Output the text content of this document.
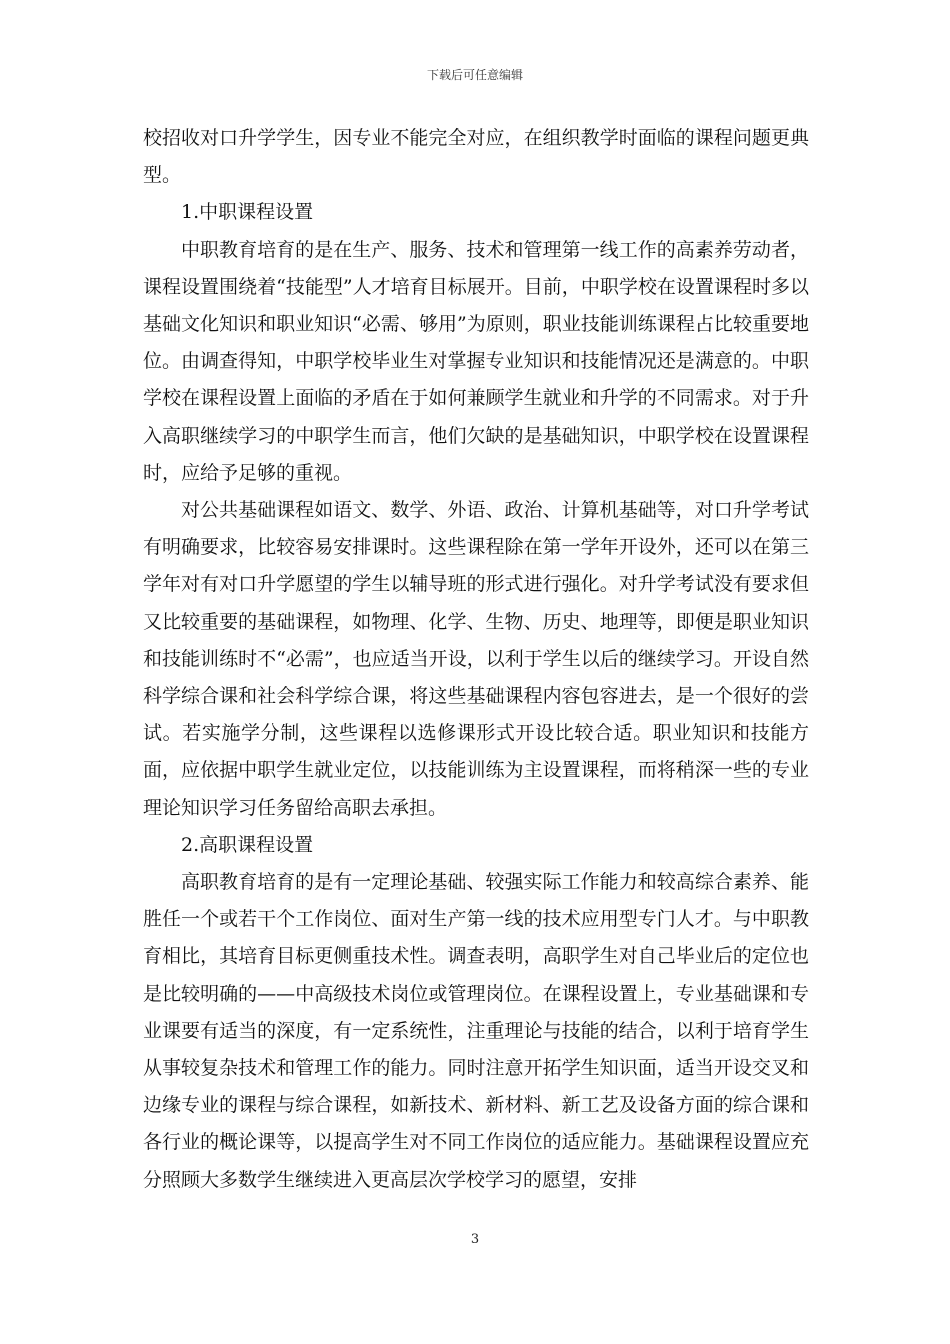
下载后可任意编辑

校招收对口升学学生，因专业不能完全对应，在组织教学时面临的课程问题更典型。

1.中职课程设置

中职教育培育的是在生产、服务、技术和管理第一线工作的高素养劳动者，课程设置围绕着“技能型”人才培育目标展开。目前，中职学校在设置课程时多以基础文化知识和职业知识“必需、够用”为原则，职业技能训练课程占比较重要地位。由调查得知，中职学校毕业生对掌握专业知识和技能情况还是满意的。中职学校在课程设置上面临的矛盾在于如何兼顾学生就业和升学的不同需求。对于升入高职继续学习的中职学生而言，他们欠缺的是基础知识，中职学校在设置课程时，应给予足够的重视。

对公共基础课程如语文、数学、外语、政治、计算机基础等，对口升学考试有明确要求，比较容易安排课时。这些课程除在第一学年开设外，还可以在第三学年对有对口升学愿望的学生以辅导班的形式进行强化。对升学考试没有要求但又比较重要的基础课程，如物理、化学、生物、历史、地理等，即便是职业知识和技能训练时不“必需”，也应适当开设，以利于学生以后的继续学习。开设自然科学综合课和社会科学综合课，将这些基础课程内容包容进去，是一个很好的尝试。若实施学分制，这些课程以选修课形式开设比较合适。职业知识和技能方面，应依据中职学生就业定位，以技能训练为主设置课程，而将稍深一些的专业理论知识学习任务留给高职去承担。

2.高职课程设置

高职教育培育的是有一定理论基础、较强实际工作能力和较高综合素养、能胜任一个或若干个工作岗位、面对生产第一线的技术应用型专门人才。与中职教育相比，其培育目标更侧重技术性。调查表明，高职学生对自己毕业后的定位也是比较明确的——中高级技术岗位或管理岗位。在课程设置上，专业基础课和专业课要有适当的深度，有一定系统性，注重理论与技能的结合，以利于培育学生从事较复杂技术和管理工作的能力。同时注意开拓学生知识面，适当开设交叉和边缘专业的课程与综合课程，如新技术、新材料、新工艺及设备方面的综合课和各行业的概论课等，以提高学生对不同工作岗位的适应能力。基础课程设置应充分照顾大多数学生继续进入更高层次学校学习的愿望，安排

3
